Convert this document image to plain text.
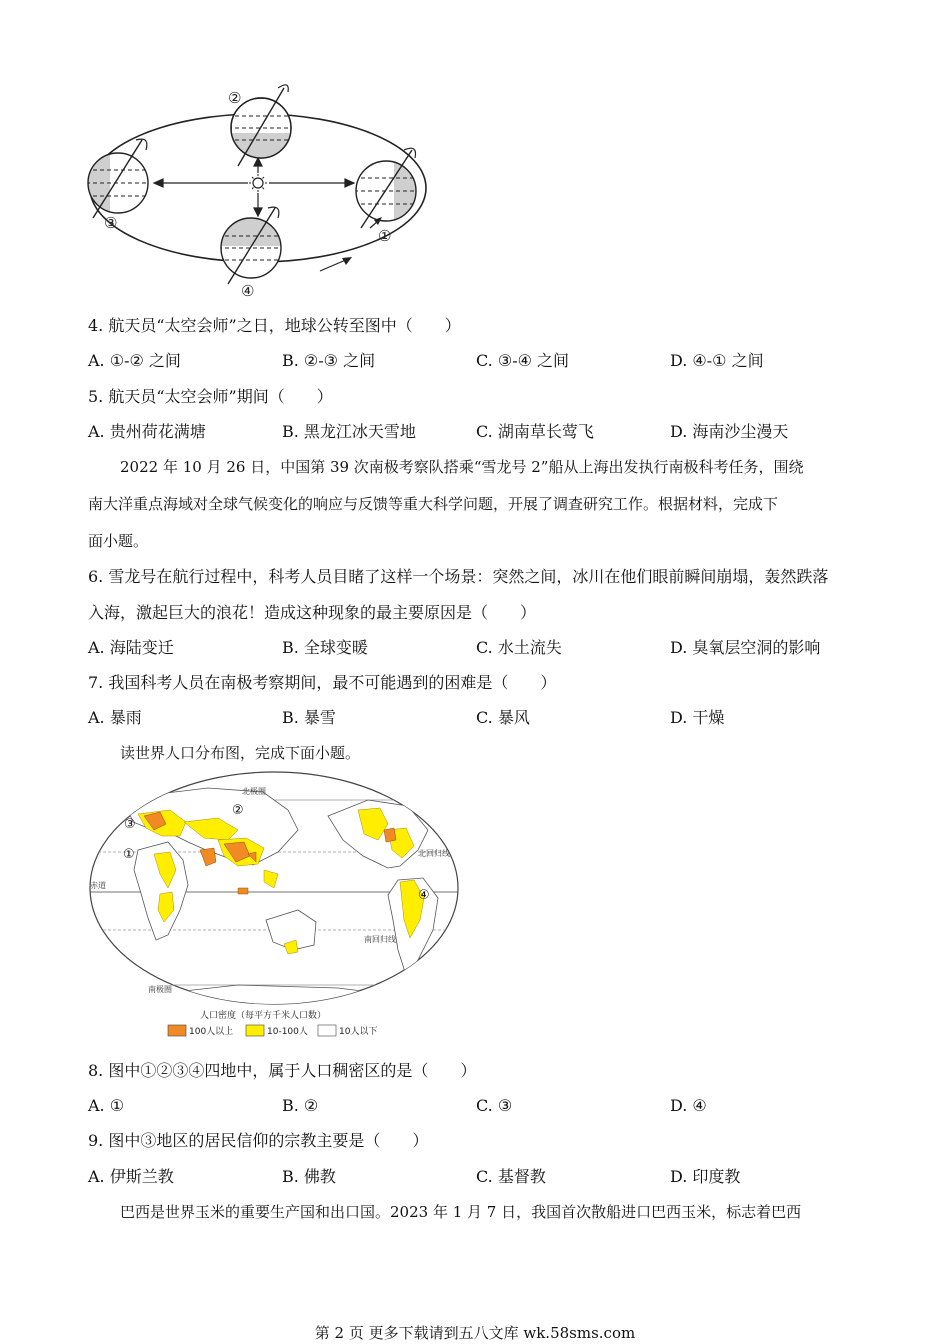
②
③
①
④
4. 航天员“太空会师”之日，地球公转至图中（　　）
A. ①-② 之间	B. ②-③ 之间	C. ③-④ 之间	D. ④-① 之间
5. 航天员“太空会师”期间（　　）
A. 贵州荷花满塘	B. 黑龙江冰天雪地	C. 湖南草长莺飞	D. 海南沙尘漫天
2022 年 10 月 26 日，中国第 39 次南极考察队搭乘“雪龙号 2”船从上海出发执行南极科考任务，围绕
南大洋重点海域对全球气候变化的响应与反馈等重大科学问题，开展了调查研究工作。根据材料，完成下
面小题。
6. 雪龙号在航行过程中，科考人员目睹了这样一个场景：突然之间，冰川在他们眼前瞬间崩塌，轰然跌落
入海，激起巨大的浪花！造成这种现象的最主要原因是（　　）
A. 海陆变迁	B. 全球变暖	C. 水土流失	D. 臭氧层空洞的影响
7. 我国科考人员在南极考察期间，最不可能遇到的困难是（　　）
A. 暴雨	B. 暴雪	C. 暴风	D. 干燥
读世界人口分布图，完成下面小题。
北极圈
北回归线
赤道
南回归线
南极圈
①
②
③
④
人口密度（每平方千米人口数）
100人以上	10-100人	10人以下
8. 图中①②③④四地中，属于人口稠密区的是（　　）
A. ①	B. ②	C. ③	D. ④
9. 图中③地区的居民信仰的宗教主要是（　　）
A. 伊斯兰教	B. 佛教	C. 基督教	D. 印度教
巴西是世界玉米的重要生产国和出口国。2023 年 1 月 7 日，我国首次散船进口巴西玉米，标志着巴西
第 2 页 更多下载请到五八文库 wk.58sms.com
